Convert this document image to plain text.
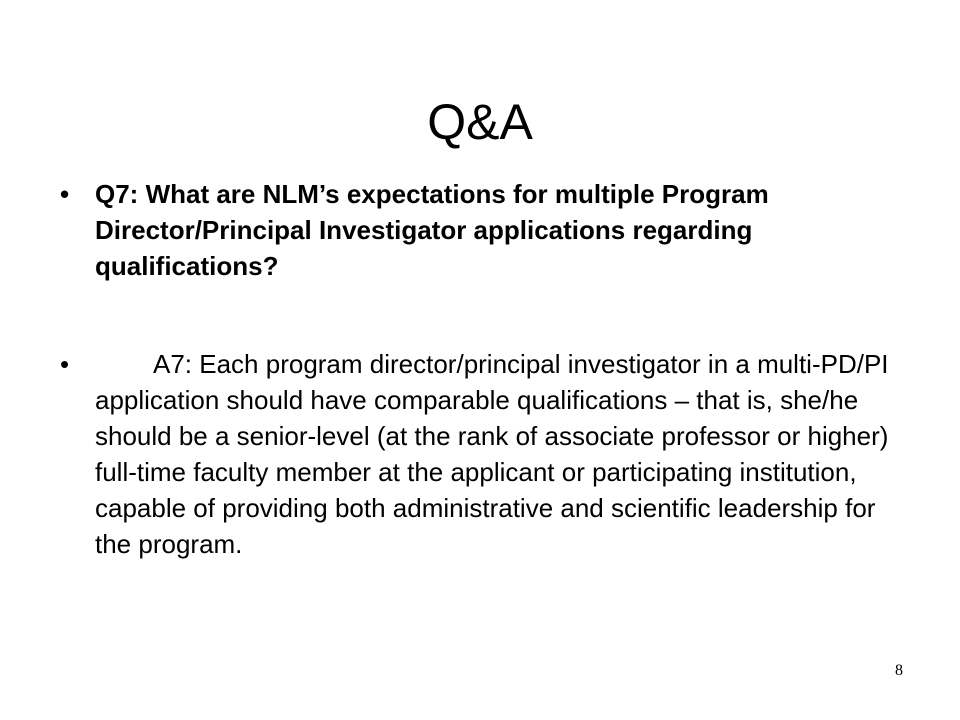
Q&A
• Q7: What are NLM’s expectations for multiple Program Director/Principal Investigator applications regarding qualifications?
•	A7: Each program director/principal investigator in a multi-PD/PI application should have comparable qualifications – that is, she/he should be a senior-level (at the rank of associate professor or higher) full-time faculty member at the applicant or participating institution, capable of providing both administrative and scientific leadership for the program.
8
